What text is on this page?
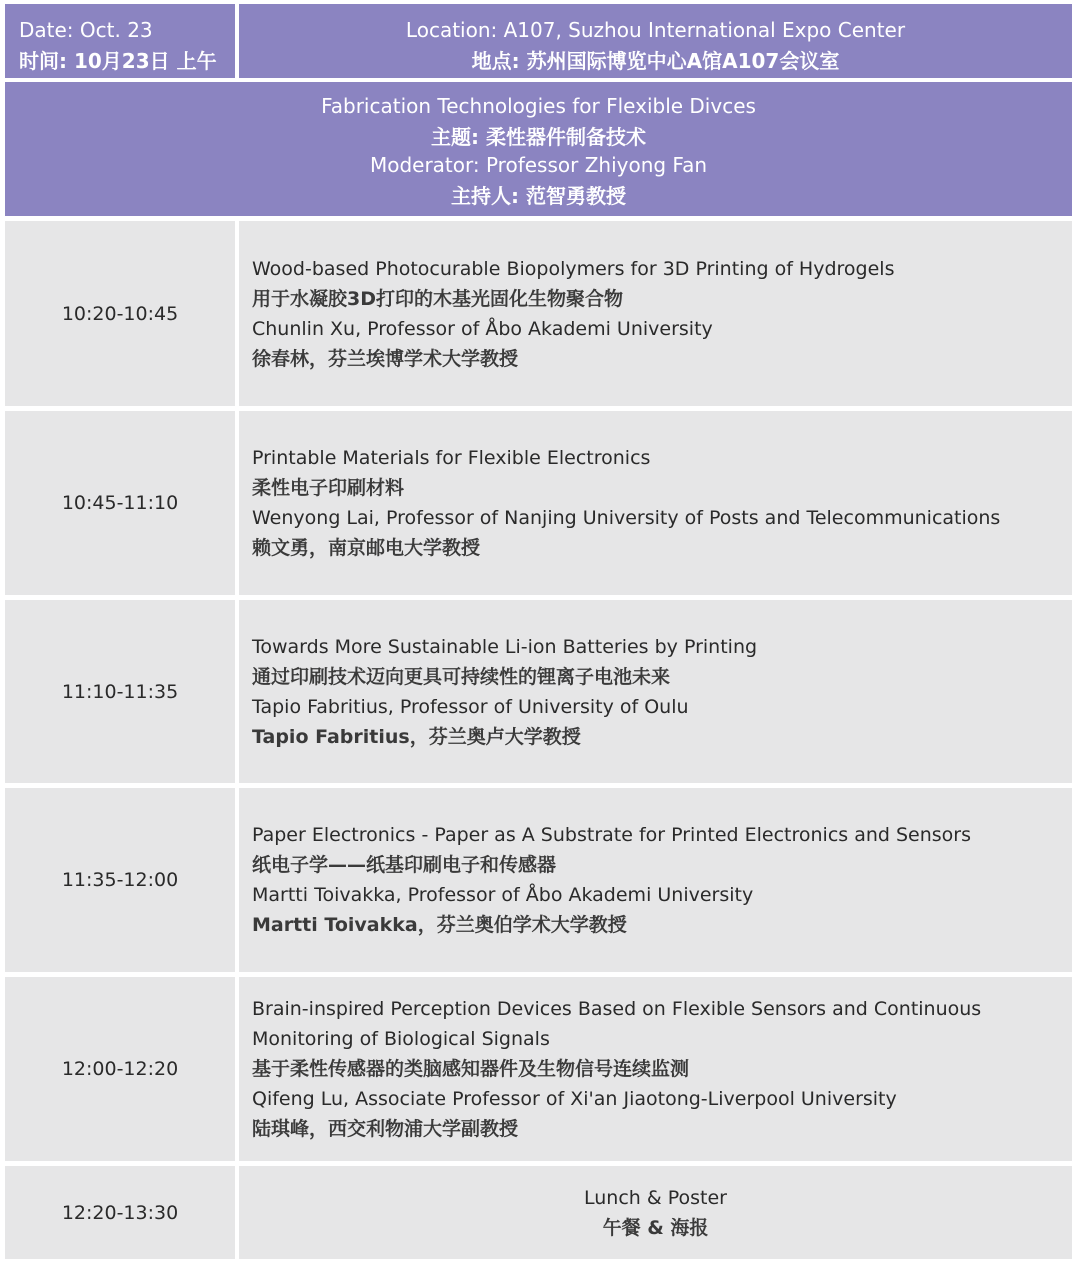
Date: Oct. 23
时间: 10月23日 上午
Location: A107, Suzhou International Expo Center
地点: 苏州国际博览中心A馆A107会议室
Fabrication Technologies for Flexible Divces
主题: 柔性器件制备技术
Moderator: Professor Zhiyong Fan
主持人: 范智勇教授
10:20-10:45
Wood-based Photocurable Biopolymers for 3D Printing of Hydrogels
用于水凝胶3D打印的木基光固化生物聚合物
Chunlin Xu, Professor of Åbo Akademi University
徐春林，芬兰埃博学术大学教授
10:45-11:10
Printable Materials for Flexible Electronics
柔性电子印刷材料
Wenyong Lai, Professor of Nanjing University of Posts and Telecommunications
赖文勇，南京邮电大学教授
11:10-11:35
Towards More Sustainable Li-ion Batteries by Printing
通过印刷技术迈向更具可持续性的锂离子电池未来
Tapio Fabritius, Professor of University of Oulu
Tapio Fabritius，芬兰奥卢大学教授
11:35-12:00
Paper Electronics - Paper as A Substrate for Printed Electronics and Sensors
纸电子学——纸基印刷电子和传感器
Martti Toivakka, Professor of Åbo Akademi University
Martti Toivakka，芬兰奥伯学术大学教授
12:00-12:20
Brain-inspired Perception Devices Based on Flexible Sensors and Continuous
Monitoring of Biological Signals
基于柔性传感器的类脑感知器件及生物信号连续监测
Qifeng Lu, Associate Professor of Xi'an Jiaotong-Liverpool University
陆琪峰，西交利物浦大学副教授
12:20-13:30
Lunch & Poster
午餐 & 海报
